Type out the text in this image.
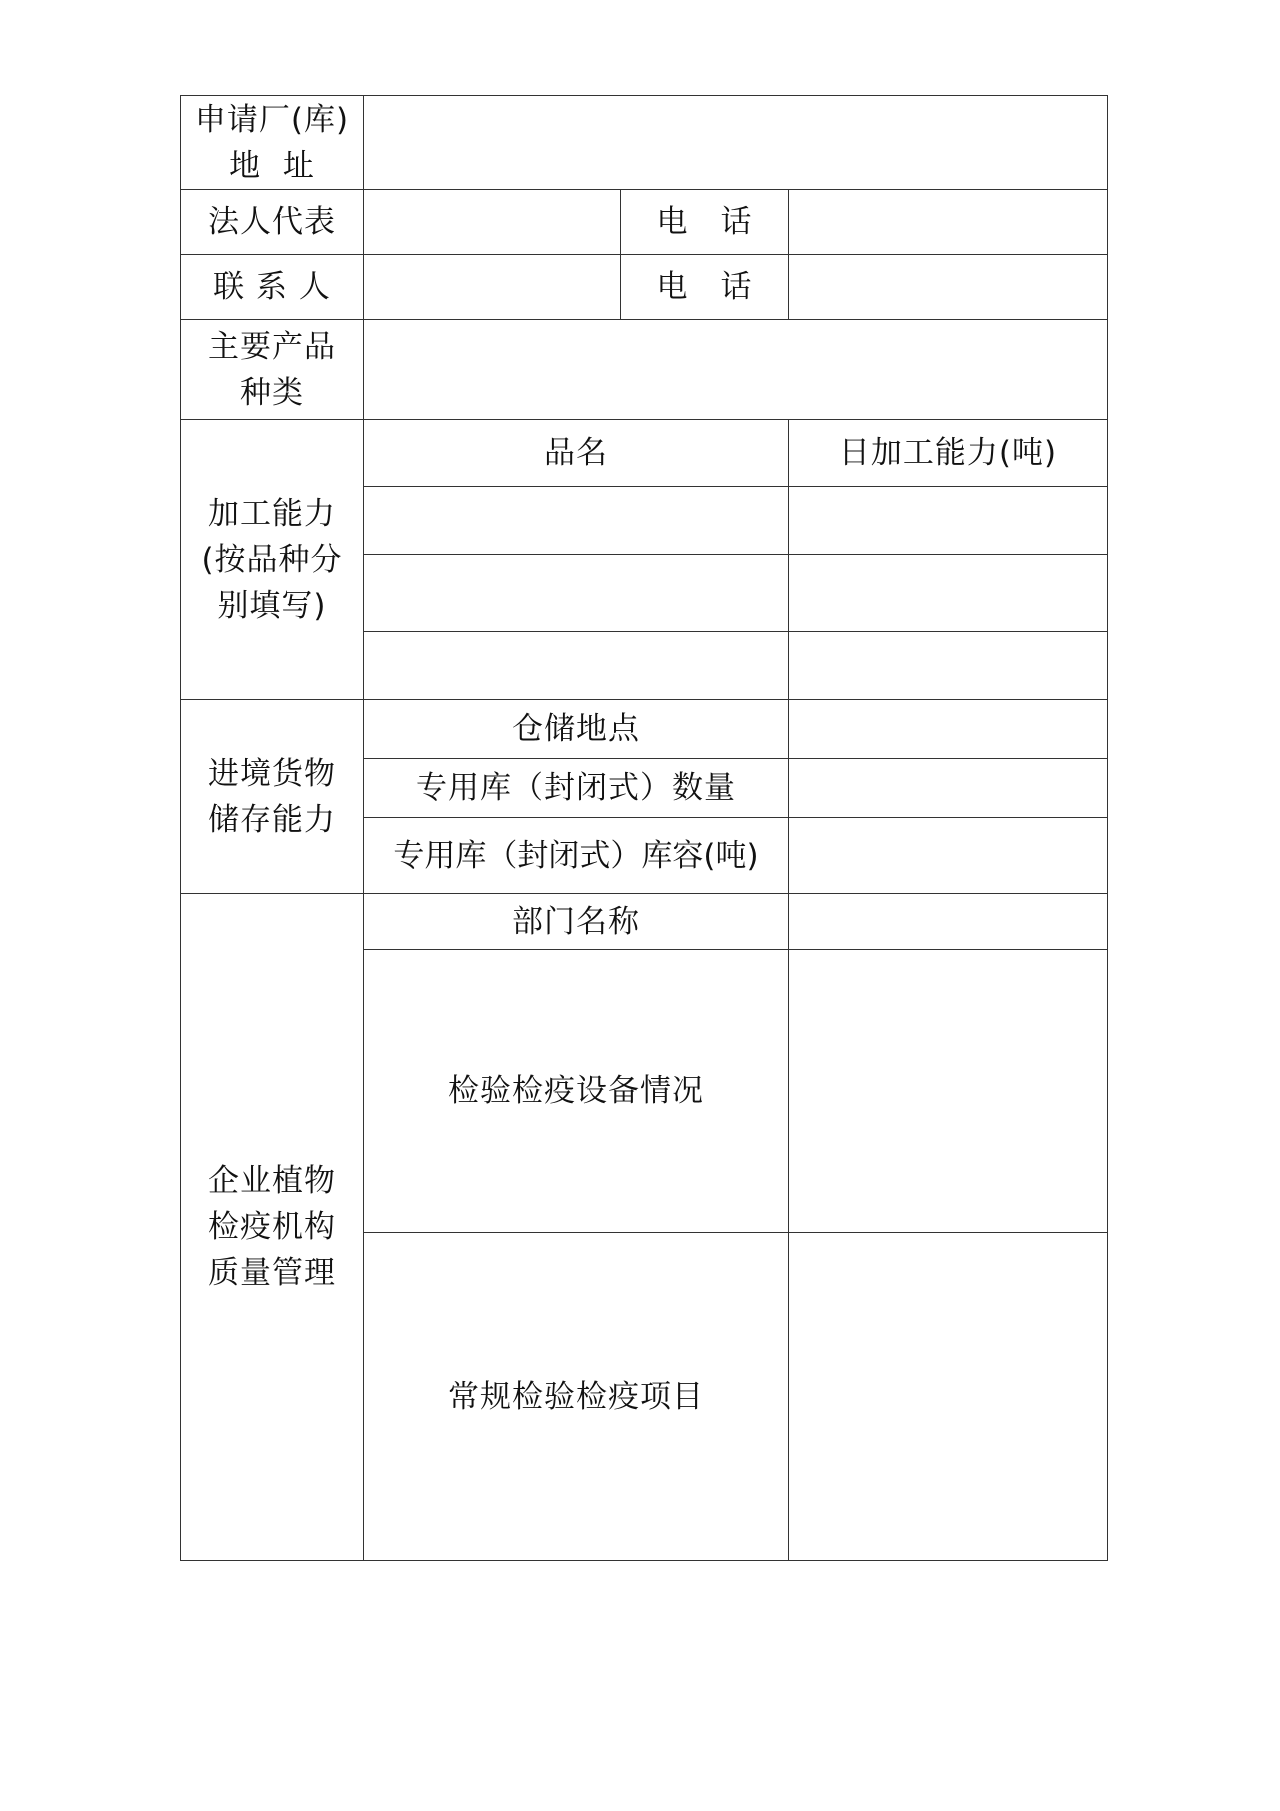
申请厂(库)
地  址			

法人代表		电　话	
联 系 人		电　话	

主要产品
种类			

加工能力
(按品种分
别填写)	品名		日加工能力(吨)

进境货物
储存能力	仓储地点		
	专用库（封闭式）数量		
	专用库（封闭式）库容(吨)		

企业植物
检疫机构
质量管理	部门名称		
	检验检疫设备情况		
	常规检验检疫项目		
